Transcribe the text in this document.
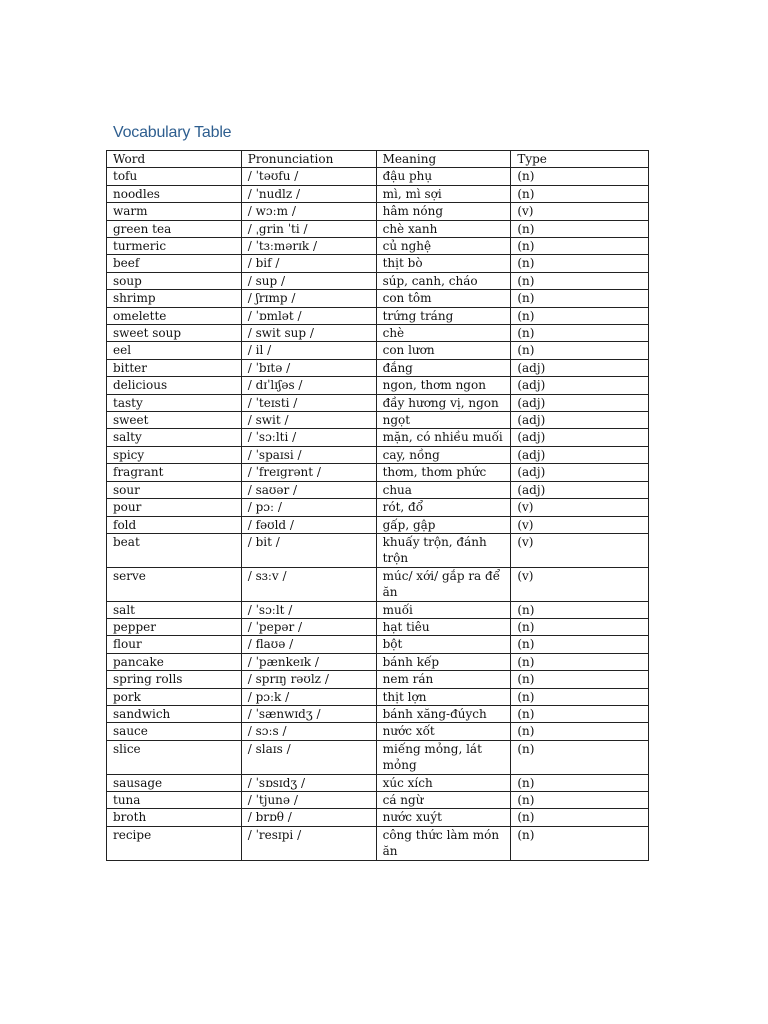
Vocabulary Table
Word	Pronunciation	Meaning	Type
tofu	/ ˈtəʊfu /	đậu phụ	(n)
noodles	/ ˈnudlz /	mì, mì sợi	(n)
warm	/ wɔːm /	hâm nóng	(v)
green tea	/ ˌgrin ˈti /	chè xanh	(n)
turmeric	/ ˈtɜːmərɪk /	củ nghệ	(n)
beef	/ bif /	thịt bò	(n)
soup	/ sup /	súp, canh, cháo	(n)
shrimp	/ ʃrɪmp /	con tôm	(n)
omelette	/ ˈɒmlət /	trứng tráng	(n)
sweet soup	/ swit sup /	chè	(n)
eel	/ il /	con lươn	(n)
bitter	/ ˈbɪtə /	đắng	(adj)
delicious	/ dɪˈlɪʃəs /	ngon, thơm ngon	(adj)
tasty	/ ˈteɪsti /	đầy hương vị, ngon	(adj)
sweet	/ swit /	ngọt	(adj)
salty	/ ˈsɔːlti /	mặn, có nhiều muối	(adj)
spicy	/ ˈspaɪsi /	cay, nồng	(adj)
fragrant	/ ˈfreɪgrənt /	thơm, thơm phức	(adj)
sour	/ saʊər /	chua	(adj)
pour	/ pɔː /	rót, đổ	(v)
fold	/ fəʊld /	gấp, gập	(v)
beat	/ bit /	khuấy trộn, đánh trộn	(v)
serve	/ sɜːv /	múc/ xới/ gắp ra để ăn	(v)
salt	/ ˈsɔːlt /	muối	(n)
pepper	/ ˈpepər /	hạt tiêu	(n)
flour	/ flaʊə /	bột	(n)
pancake	/ ˈpænkeɪk /	bánh kếp	(n)
spring rolls	/ sprɪŋ rəʊlz /	nem rán	(n)
pork	/ pɔːk /	thịt lợn	(n)
sandwich	/ ˈsænwɪdʒ /	bánh xăng-đúych	(n)
sauce	/ sɔːs /	nước xốt	(n)
slice	/ slaɪs /	miếng mỏng, lát mỏng	(n)
sausage	/ ˈsɒsɪdʒ /	xúc xích	(n)
tuna	/ ˈtjunə /	cá ngừ	(n)
broth	/ brɒθ /	nước xuýt	(n)
recipe	/ ˈresɪpi /	công thức làm món ăn	(n)
